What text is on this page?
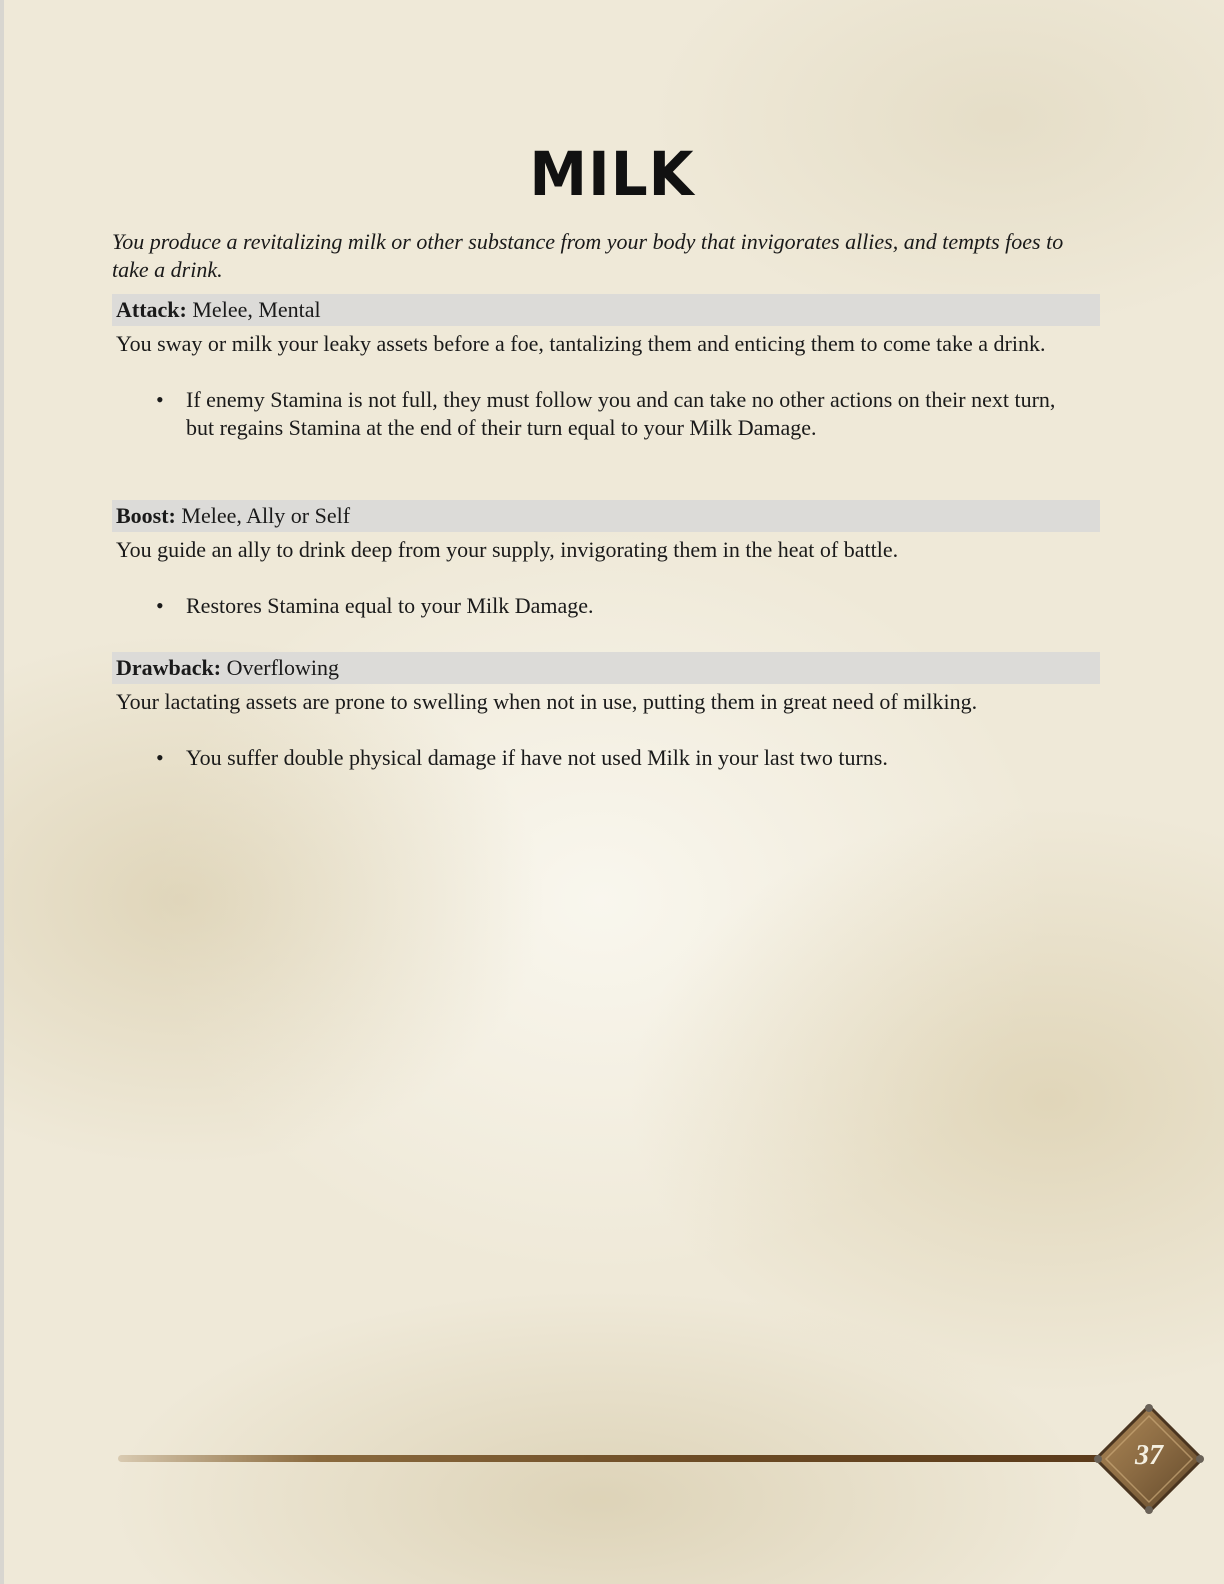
MILK

You produce a revitalizing milk or other substance from your body that invigorates allies, and tempts foes to take a drink.

Attack: Melee, Mental

You sway or milk your leaky assets before a foe, tantalizing them and enticing them to come take a drink.

• If enemy Stamina is not full, they must follow you and can take no other actions on their next turn, but regains Stamina at the end of their turn equal to your Milk Damage.
Boost: Melee, Ally or Self

You guide an ally to drink deep from your supply, invigorating them in the heat of battle.

• Restores Stamina equal to your Milk Damage.
Drawback: Overflowing

Your lactating assets are prone to swelling when not in use, putting them in great need of milking.

• You suffer double physical damage if have not used Milk in your last two turns.
37
